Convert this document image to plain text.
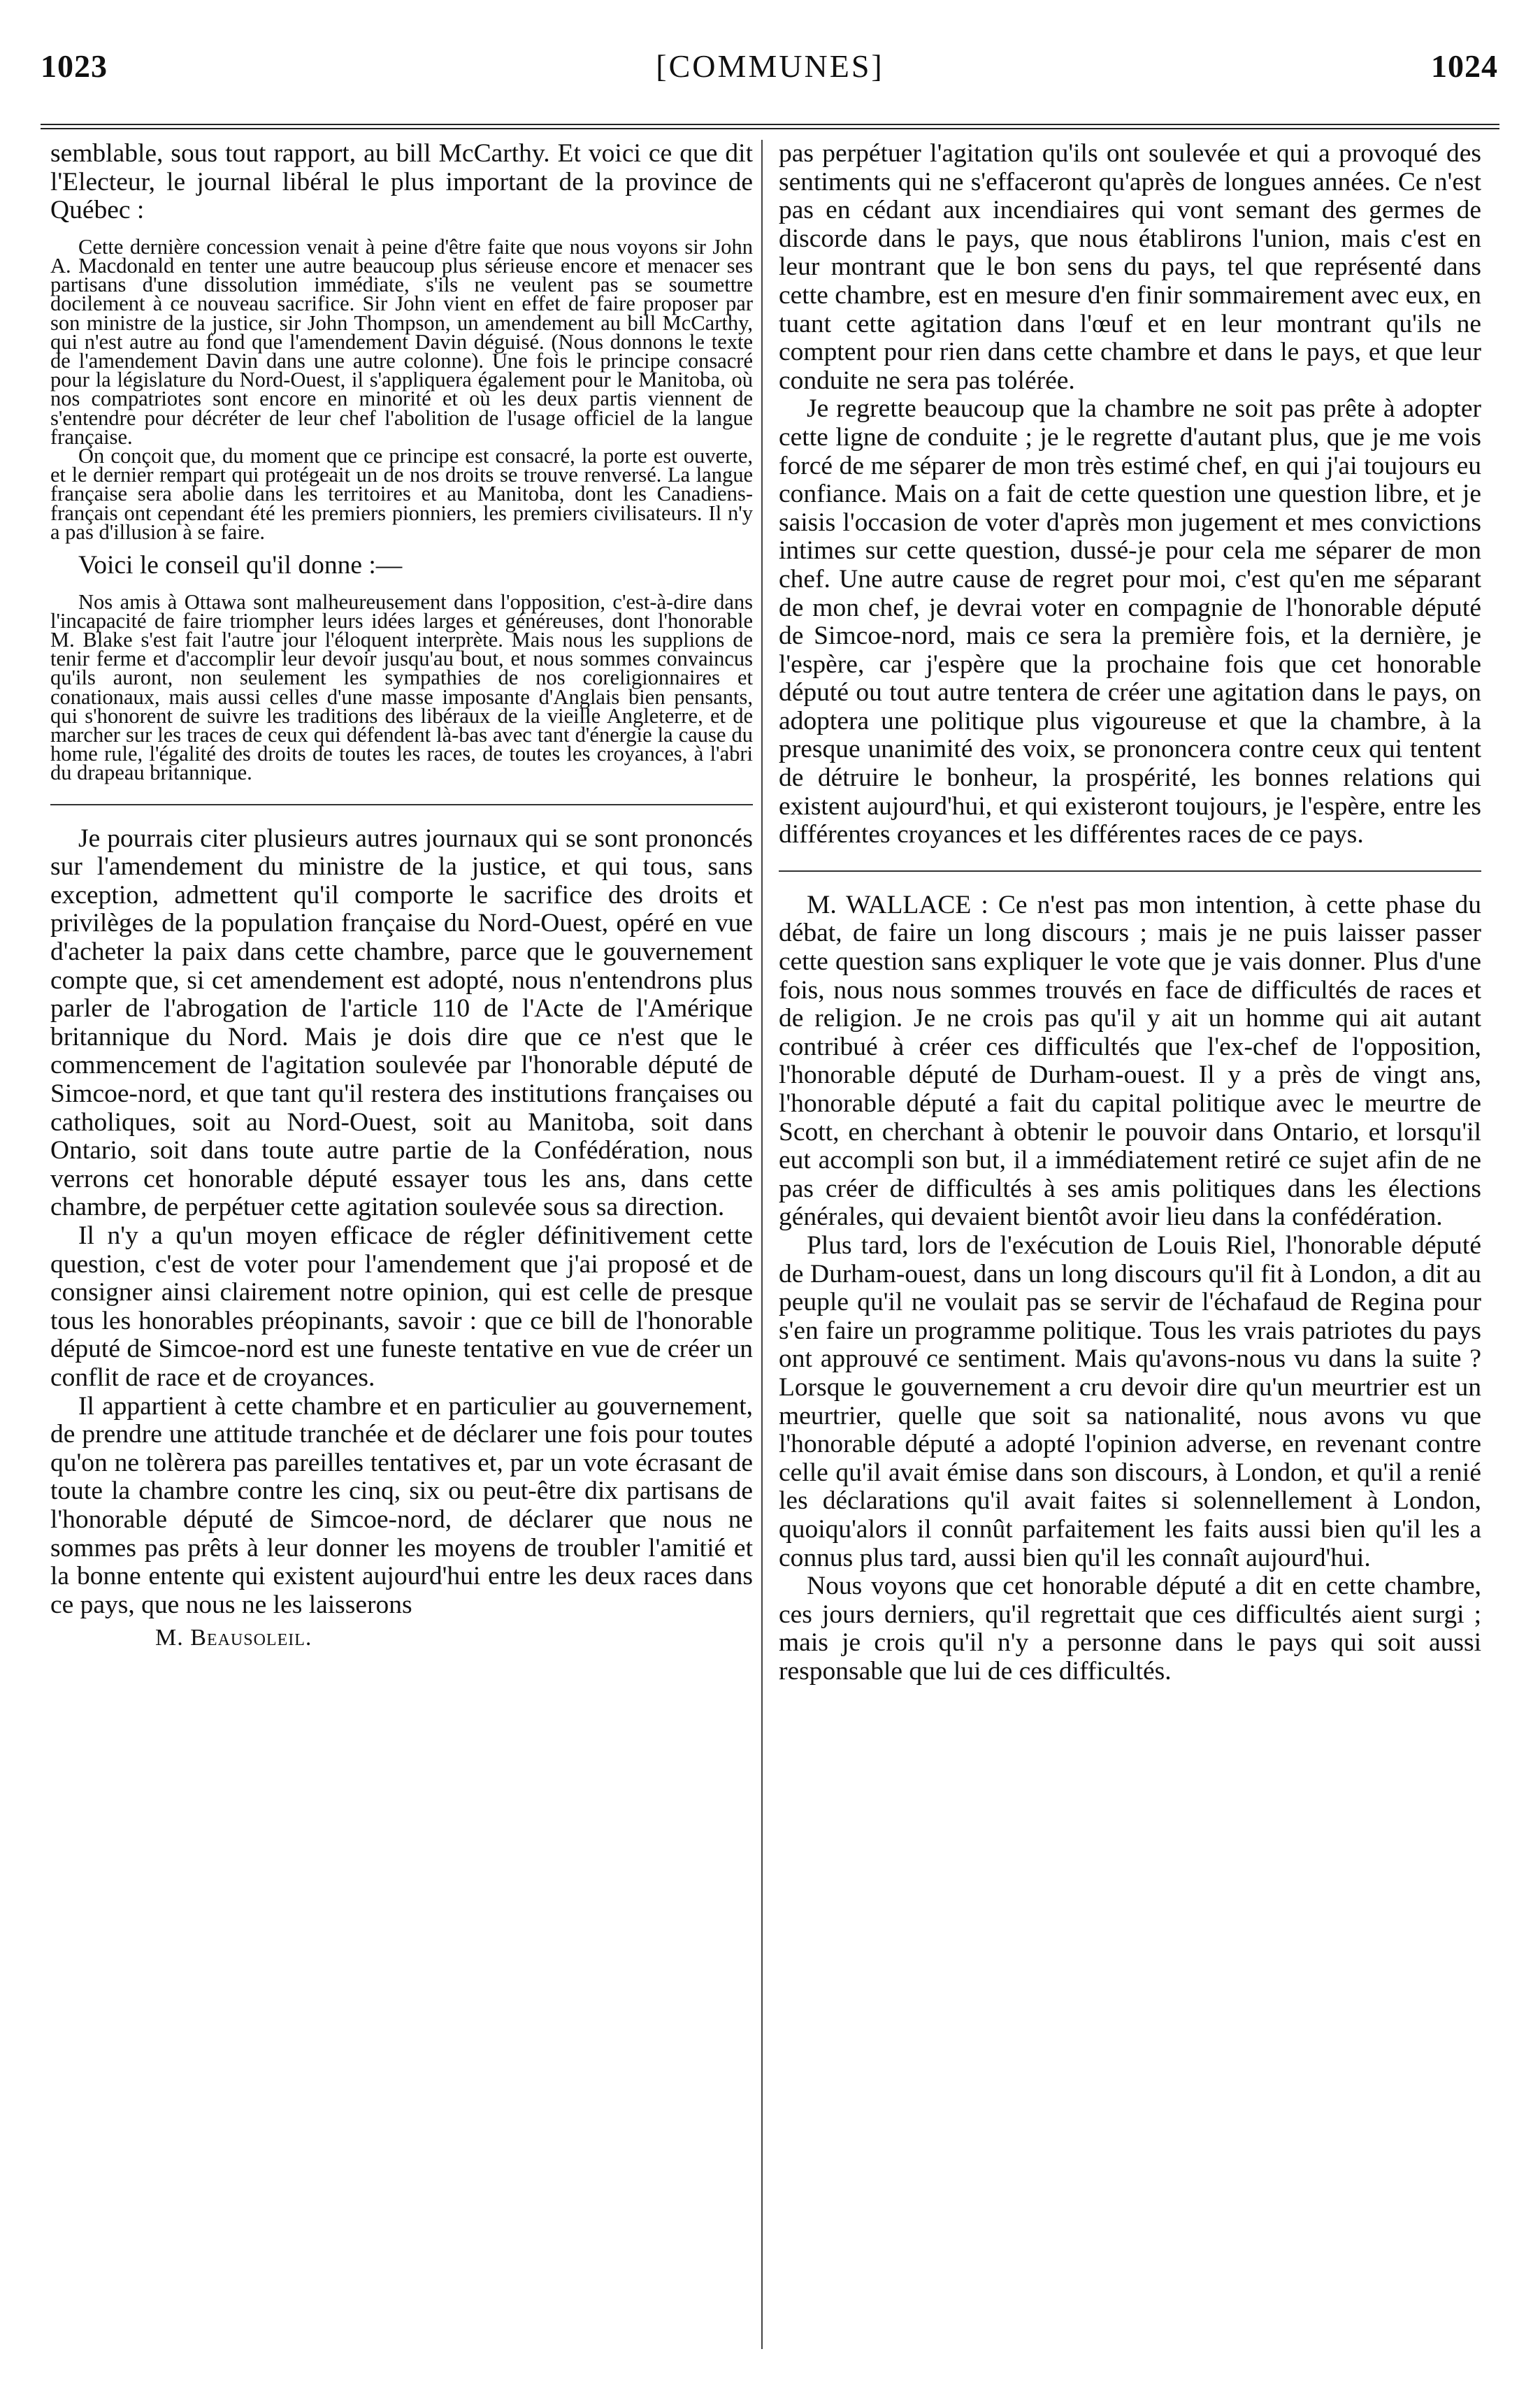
1023	[COMMUNES]	1024

semblable, sous tout rapport, au bill McCarthy. Et voici ce que dit l'Electeur, le journal libéral le plus important de la province de Québec :

Cette dernière concession venait à peine d'être faite que nous voyons sir John A. Macdonald en tenter une autre beaucoup plus sérieuse encore et menacer ses partisans d'une dissolution immédiate, s'ils ne veulent pas se soumettre docilement à ce nouveau sacrifice. Sir John vient en effet de faire proposer par son ministre de la justice, sir John Thompson, un amendement au bill McCarthy, qui n'est autre au fond que l'amendement Davin déguisé. (Nous donnons le texte de l'amendement Davin dans une autre colonne). Une fois le principe consacré pour la législature du Nord-Ouest, il s'appliquera également pour le Manitoba, où nos compatriotes sont encore en minorité et où les deux partis viennent de s'entendre pour décréter de leur chef l'abolition de l'usage officiel de la langue française.

On conçoit que, du moment que ce principe est consacré, la porte est ouverte, et le dernier rempart qui protégeait un de nos droits se trouve renversé. La langue française sera abolie dans les territoires et au Manitoba, dont les Canadiens-français ont cependant été les premiers pionniers, les premiers civilisateurs. Il n'y a pas d'illusion à se faire.

Voici le conseil qu'il donne :—

Nos amis à Ottawa sont malheureusement dans l'opposition, c'est-à-dire dans l'incapacité de faire triompher leurs idées larges et généreuses, dont l'honorable M. Blake s'est fait l'autre jour l'éloquent interprète. Mais nous les supplions de tenir ferme et d'accomplir leur devoir jusqu'au bout, et nous sommes convaincus qu'ils auront, non seulement les sympathies de nos coreligionnaires et conationaux, mais aussi celles d'une masse imposante d'Anglais bien pensants, qui s'honorent de suivre les traditions des libéraux de la vieille Angleterre, et de marcher sur les traces de ceux qui défendent là-bas avec tant d'énergie la cause du home rule, l'égalité des droits de toutes les races, de toutes les croyances, à l'abri du drapeau britannique.

Je pourrais citer plusieurs autres journaux qui se sont prononcés sur l'amendement du ministre de la justice, et qui tous, sans exception, admettent qu'il comporte le sacrifice des droits et privilèges de la population française du Nord-Ouest, opéré en vue d'acheter la paix dans cette chambre, parce que le gouvernement compte que, si cet amendement est adopté, nous n'entendrons plus parler de l'abrogation de l'article 110 de l'Acte de l'Amérique britannique du Nord. Mais je dois dire que ce n'est que le commencement de l'agitation soulevée par l'honorable député de Simcoe-nord, et que tant qu'il restera des institutions françaises ou catholiques, soit au Nord-Ouest, soit au Manitoba, soit dans Ontario, soit dans toute autre partie de la Confédération, nous verrons cet honorable député essayer tous les ans, dans cette chambre, de perpétuer cette agitation soulevée sous sa direction.

Il n'y a qu'un moyen efficace de régler définitivement cette question, c'est de voter pour l'amendement que j'ai proposé et de consigner ainsi clairement notre opinion, qui est celle de presque tous les honorables préopinants, savoir : que ce bill de l'honorable député de Simcoe-nord est une funeste tentative en vue de créer un conflit de race et de croyances.

Il appartient à cette chambre et en particulier au gouvernement, de prendre une attitude tranchée et de déclarer une fois pour toutes qu'on ne tolèrera pas pareilles tentatives et, par un vote écrasant de toute la chambre contre les cinq, six ou peut-être dix partisans de l'honorable député de Simcoe-nord, de déclarer que nous ne sommes pas prêts à leur donner les moyens de troubler l'amitié et la bonne entente qui existent aujourd'hui entre les deux races dans ce pays, que nous ne les laisserons

M. Beausoleil.

pas perpétuer l'agitation qu'ils ont soulevée et qui a provoqué des sentiments qui ne s'effaceront qu'après de longues années. Ce n'est pas en cédant aux incendiaires qui vont semant des germes de discorde dans le pays, que nous établirons l'union, mais c'est en leur montrant que le bon sens du pays, tel que représenté dans cette chambre, est en mesure d'en finir sommairement avec eux, en tuant cette agitation dans l'œuf et en leur montrant qu'ils ne comptent pour rien dans cette chambre et dans le pays, et que leur conduite ne sera pas tolérée.

Je regrette beaucoup que la chambre ne soit pas prête à adopter cette ligne de conduite ; je le regrette d'autant plus, que je me vois forcé de me séparer de mon très estimé chef, en qui j'ai toujours eu confiance. Mais on a fait de cette question une question libre, et je saisis l'occasion de voter d'après mon jugement et mes convictions intimes sur cette question, dussé-je pour cela me séparer de mon chef. Une autre cause de regret pour moi, c'est qu'en me séparant de mon chef, je devrai voter en compagnie de l'honorable député de Simcoe-nord, mais ce sera la première fois, et la dernière, je l'espère, car j'espère que la prochaine fois que cet honorable député ou tout autre tentera de créer une agitation dans le pays, on adoptera une politique plus vigoureuse et que la chambre, à la presque unanimité des voix, se prononcera contre ceux qui tentent de détruire le bonheur, la prospérité, les bonnes relations qui existent aujourd'hui, et qui existeront toujours, je l'espère, entre les différentes croyances et les différentes races de ce pays.

M. WALLACE : Ce n'est pas mon intention, à cette phase du débat, de faire un long discours ; mais je ne puis laisser passer cette question sans expliquer le vote que je vais donner. Plus d'une fois, nous nous sommes trouvés en face de difficultés de races et de religion. Je ne crois pas qu'il y ait un homme qui ait autant contribué à créer ces difficultés que l'ex-chef de l'opposition, l'honorable député de Durham-ouest. Il y a près de vingt ans, l'honorable député a fait du capital politique avec le meurtre de Scott, en cherchant à obtenir le pouvoir dans Ontario, et lorsqu'il eut accompli son but, il a immédiatement retiré ce sujet afin de ne pas créer de difficultés à ses amis politiques dans les élections générales, qui devaient bientôt avoir lieu dans la confédération.

Plus tard, lors de l'exécution de Louis Riel, l'honorable député de Durham-ouest, dans un long discours qu'il fit à London, a dit au peuple qu'il ne voulait pas se servir de l'échafaud de Regina pour s'en faire un programme politique. Tous les vrais patriotes du pays ont approuvé ce sentiment. Mais qu'avons-nous vu dans la suite ? Lorsque le gouvernement a cru devoir dire qu'un meurtrier est un meurtrier, quelle que soit sa nationalité, nous avons vu que l'honorable député a adopté l'opinion adverse, en revenant contre celle qu'il avait émise dans son discours, à London, et qu'il a renié les déclarations qu'il avait faites si solennellement à London, quoiqu'alors il connût parfaitement les faits aussi bien qu'il les a connus plus tard, aussi bien qu'il les connaît aujourd'hui.

Nous voyons que cet honorable député a dit en cette chambre, ces jours derniers, qu'il regrettait que ces difficultés aient surgi ; mais je crois qu'il n'y a personne dans le pays qui soit aussi responsable que lui de ces difficultés.
